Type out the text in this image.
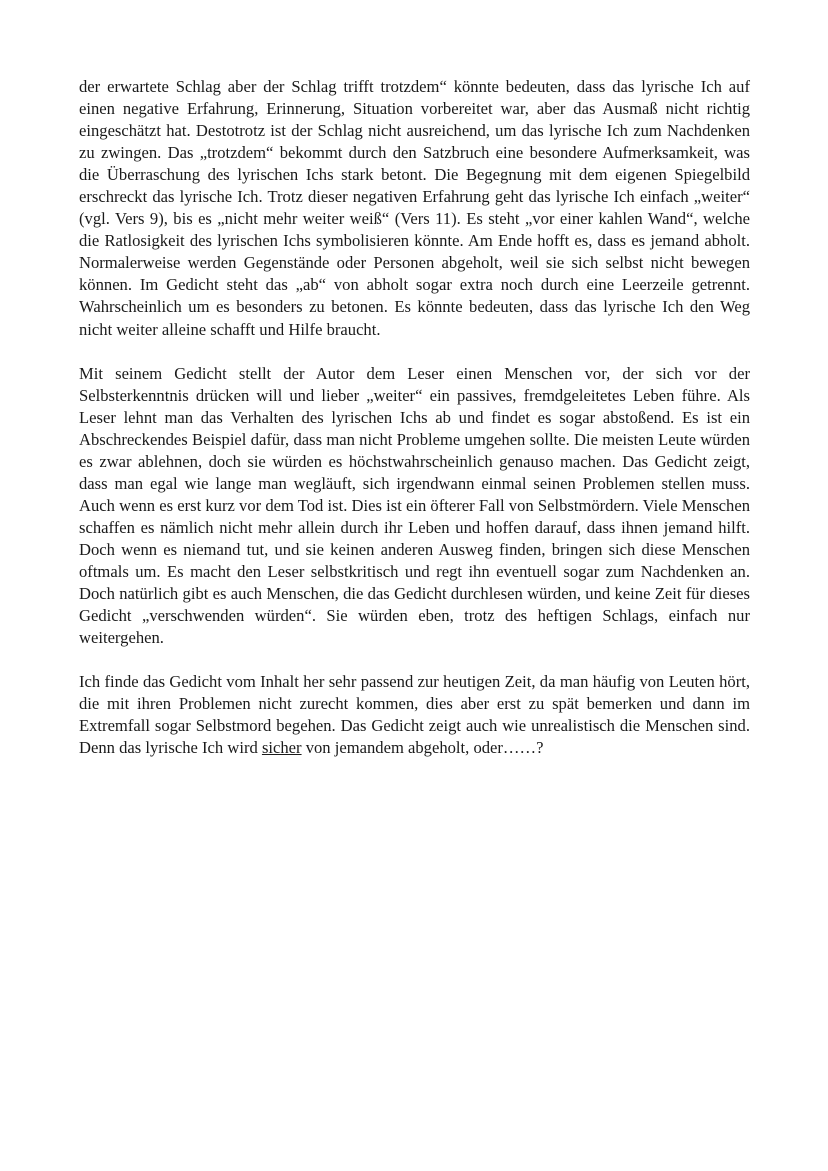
der erwartete Schlag aber der Schlag trifft trotzdem“ könnte bedeuten, dass das lyrische Ich auf einen negative Erfahrung, Erinnerung, Situation vorbereitet war, aber das Ausmaß nicht richtig eingeschätzt hat. Destotrotz ist der Schlag nicht ausreichend, um das lyrische Ich zum Nachdenken zu zwingen. Das „trotzdem“ bekommt durch den Satzbruch eine besondere Aufmerksamkeit, was die Überraschung des lyrischen Ichs stark betont. Die Begegnung mit dem eigenen Spiegelbild erschreckt das lyrische Ich. Trotz dieser negativen Erfahrung geht das lyrische Ich einfach „weiter“ (vgl. Vers 9), bis es „nicht mehr weiter weiß“ (Vers 11). Es steht „vor einer kahlen Wand“, welche die Ratlosigkeit des lyrischen Ichs symbolisieren könnte. Am Ende hofft es, dass es jemand abholt. Normalerweise werden Gegenstände oder Personen abgeholt, weil sie sich selbst nicht bewegen können. Im Gedicht steht das „ab“ von abholt sogar extra noch durch eine Leerzeile getrennt. Wahrscheinlich um es besonders zu betonen. Es könnte bedeuten, dass das lyrische Ich den Weg nicht weiter alleine schafft und Hilfe braucht.

Mit seinem Gedicht stellt der Autor dem Leser einen Menschen vor, der sich vor der Selbsterkenntnis drücken will und lieber „weiter“ ein passives, fremdgeleitetes Leben führe. Als Leser lehnt man das Verhalten des lyrischen Ichs ab und findet es sogar abstoßend. Es ist ein Abschreckendes Beispiel dafür, dass man nicht Probleme umgehen sollte. Die meisten Leute würden es zwar ablehnen, doch sie würden es höchstwahrscheinlich genauso machen. Das Gedicht zeigt, dass man egal wie lange man wegläuft, sich irgendwann einmal seinen Problemen stellen muss. Auch wenn es erst kurz vor dem Tod ist. Dies ist ein öfterer Fall von Selbstmördern. Viele Menschen schaffen es nämlich nicht mehr allein durch ihr Leben und hoffen darauf, dass ihnen jemand hilft. Doch wenn es niemand tut, und sie keinen anderen Ausweg finden, bringen sich diese Menschen oftmals um. Es macht den Leser selbstkritisch und regt ihn eventuell sogar zum Nachdenken an. Doch natürlich gibt es auch Menschen, die das Gedicht durchlesen würden, und keine Zeit für dieses Gedicht „verschwenden würden“. Sie würden eben, trotz des heftigen Schlags, einfach nur weitergehen.

Ich finde das Gedicht vom Inhalt her sehr passend zur heutigen Zeit, da man häufig von Leuten hört, die mit ihren Problemen nicht zurecht kommen, dies aber erst zu spät bemerken und dann im Extremfall sogar Selbstmord begehen. Das Gedicht zeigt auch wie unrealistisch die Menschen sind. Denn das lyrische Ich wird sicher von jemandem abgeholt, oder……?
